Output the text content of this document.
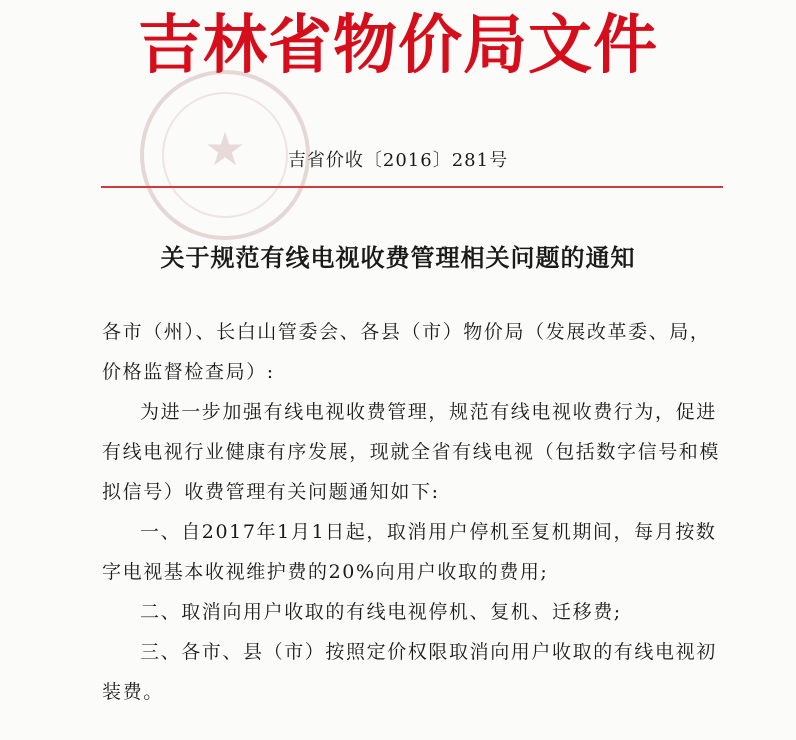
★
吉林省物价局文件
吉省价收〔2016〕281号
关于规范有线电视收费管理相关问题的通知

各市（州）、长白山管委会、各县（市）物价局（发展改革委、局，价格监督检查局）:

为进一步加强有线电视收费管理，规范有线电视收费行为，促进有线电视行业健康有序发展，现就全省有线电视（包括数字信号和模拟信号）收费管理有关问题通知如下:

一、自2017年1月1日起，取消用户停机至复机期间，每月按数字电视基本收视维护费的20%向用户收取的费用;

二、取消向用户收取的有线电视停机、复机、迁移费;

三、各市、县（市）按照定价权限取消向用户收取的有线电视初装费。
